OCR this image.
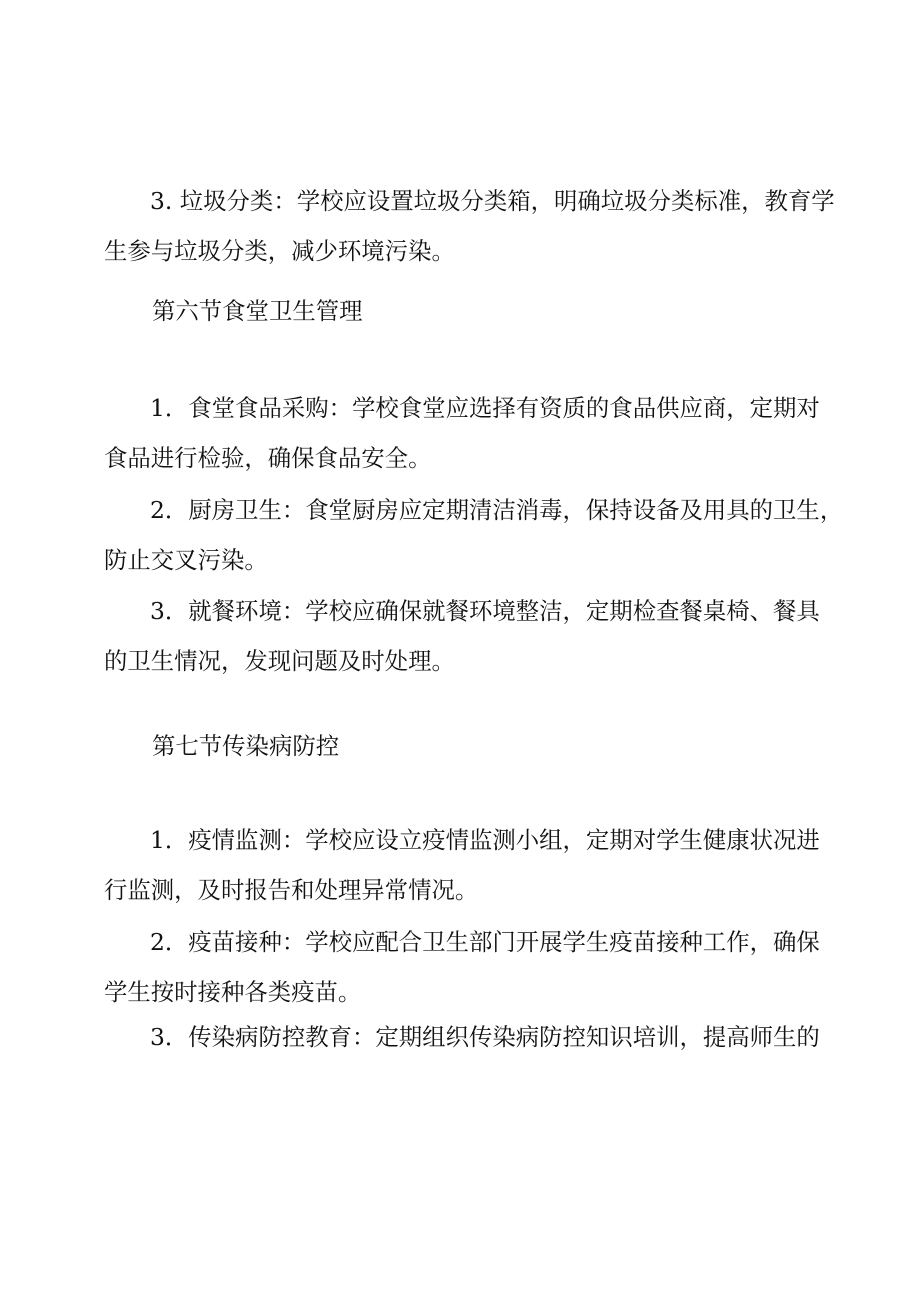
3. 垃圾分类：学校应设置垃圾分类箱，明确垃圾分类标准，教育学
生参与垃圾分类，减少环境污染。

第六节食堂卫生管理

1．食堂食品采购：学校食堂应选择有资质的食品供应商，定期对
食品进行检验，确保食品安全。

2．厨房卫生：食堂厨房应定期清洁消毒，保持设备及用具的卫生，
防止交叉污染。

3．就餐环境：学校应确保就餐环境整洁，定期检查餐桌椅、餐具
的卫生情况，发现问题及时处理。

第七节传染病防控

1．疫情监测：学校应设立疫情监测小组，定期对学生健康状况进
行监测，及时报告和处理异常情况。

2．疫苗接种：学校应配合卫生部门开展学生疫苗接种工作，确保
学生按时接种各类疫苗。

3．传染病防控教育：定期组织传染病防控知识培训，提高师生的
